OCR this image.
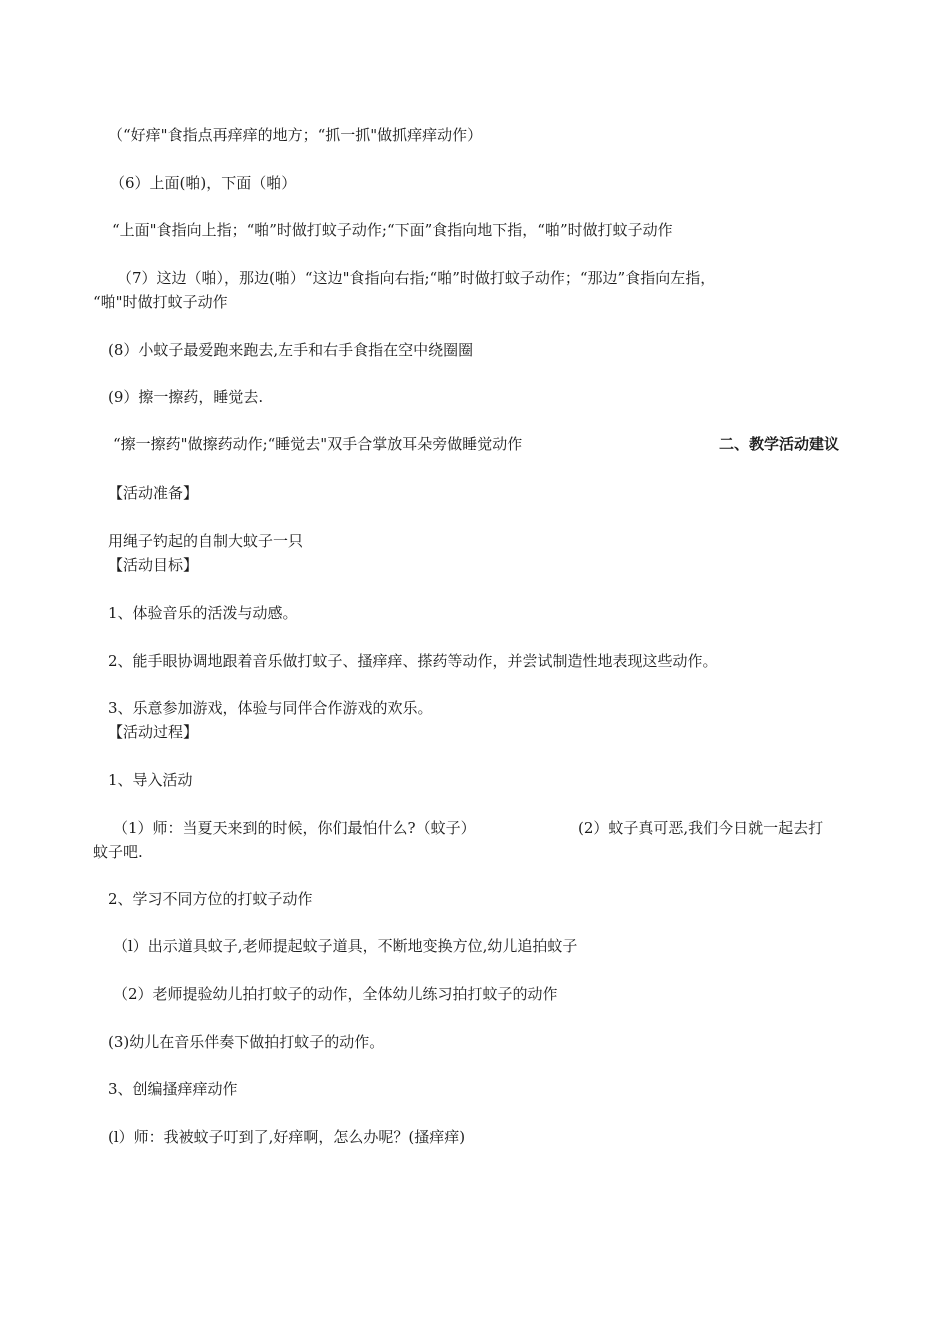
（“好痒"食指点再痒痒的地方；“抓一抓"做抓痒痒动作）
（6）上面(啪)，下面（啪）
“上面"食指向上指；“啪”时做打蚊子动作;“下面”食指向地下指，“啪”时做打蚊子动作
（7）这边（啪），那边(啪）“这边"食指向右指;“啪”时做打蚊子动作；“那边”食指向左指，
“啪"时做打蚊子动作
(8）小蚊子最爱跑来跑去,左手和右手食指在空中绕圈圈
(9）擦一擦药，睡觉去.
“擦一擦药"做擦药动作;“睡觉去"双手合掌放耳朵旁做睡觉动作	二、教学活动建议
【活动准备】
用绳子钓起的自制大蚊子一只
【活动目标】
1、体验音乐的活泼与动感。
2、能手眼协调地跟着音乐做打蚊子、搔痒痒、搽药等动作，并尝试制造性地表现这些动作。
3、乐意参加游戏，体验与同伴合作游戏的欢乐。
【活动过程】
1、导入活动
（1）师：当夏天来到的时候，你们最怕什么?（蚊子）	(2）蚊子真可恶,我们今日就一起去打
蚊子吧.
2、学习不同方位的打蚊子动作
（l）出示道具蚊子,老师提起蚊子道具，不断地变换方位,幼儿追拍蚊子
（2）老师提验幼儿拍打蚊子的动作，全体幼儿练习拍打蚊子的动作
(3)幼儿在音乐伴奏下做拍打蚊子的动作。
3、创编搔痒痒动作
(l）师：我被蚊子叮到了,好痒啊，怎么办呢？(搔痒痒)
